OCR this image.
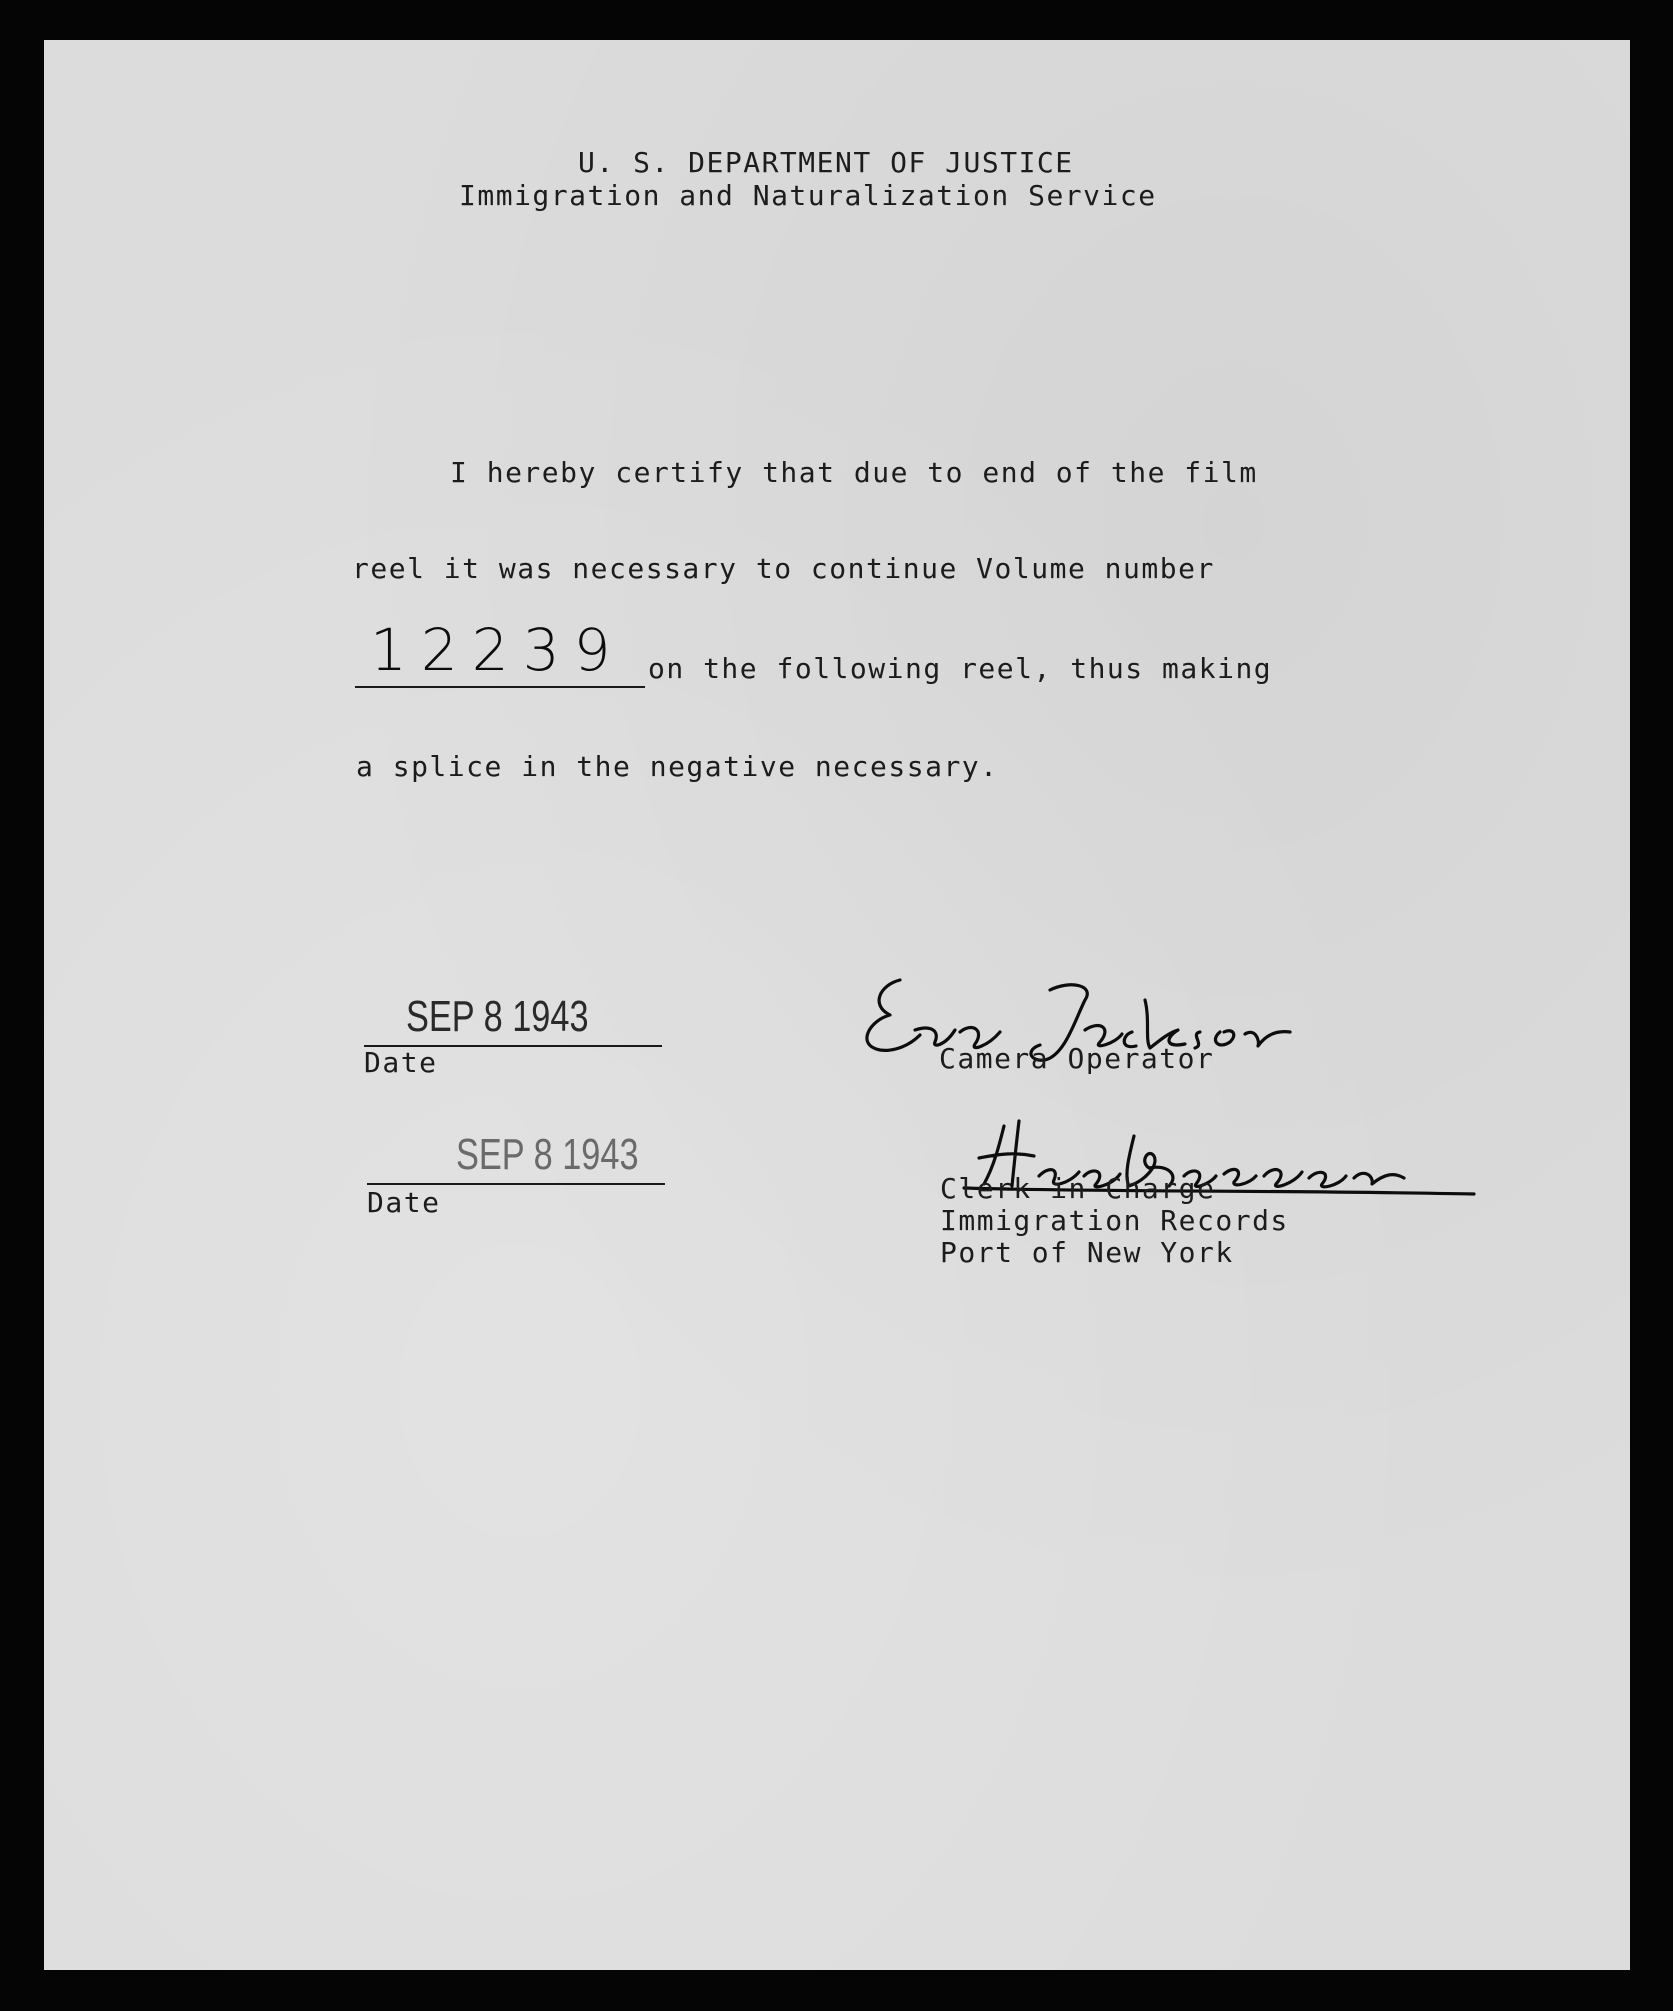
U. S. DEPARTMENT OF JUSTICE
Immigration and Naturalization Service
I hereby certify that due to end of the film
reel it was necessary to continue Volume number
12239 on the following reel, thus making
a splice in the negative necessary.
SEP 8 1943
Date	Camera Operator
SEP 8 1943
Date	Clerk in Charge
Immigration Records
Port of New York
